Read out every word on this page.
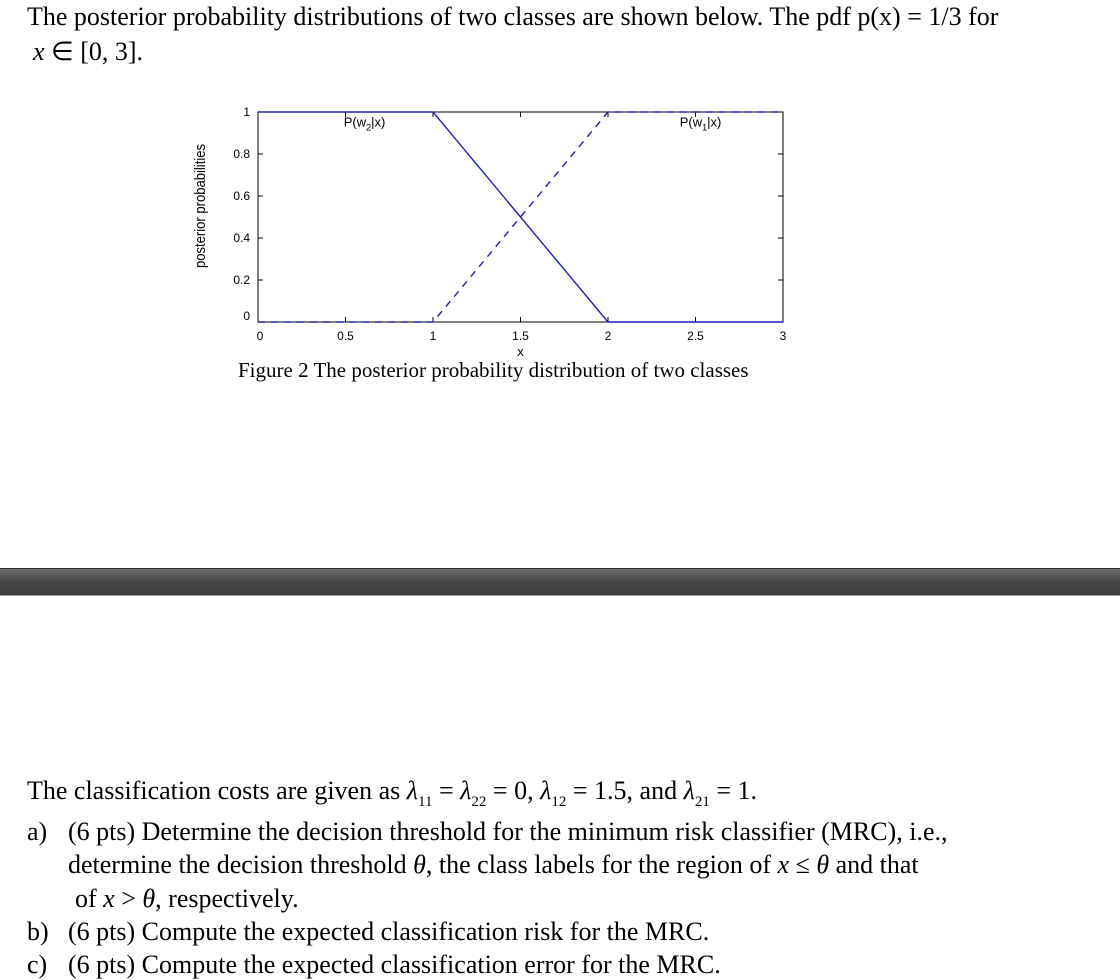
The posterior probability distributions of two classes are shown below. The pdf p(x) = 1/3 for
x ∈ [0, 3].
0	0.5	1	1.5	2	2.5	3
0
0.2
0.4
0.6
0.8
1
x
posterior probabilities
$P(w_2|x)$	$P(w_1|x)$
Figure 2 The posterior probability distribution of two classes
The classification costs are given as $\lambda_{11} = \lambda_{22} = 0$, $\lambda_{12} = 1.5$, and $\lambda_{21} = 1$.
a) (6 pts) Determine the decision threshold for the minimum risk classifier (MRC), i.e.,
determine the decision threshold θ, the class labels for the region of x ≤ θ and that
of x > θ, respectively.
b) (6 pts) Compute the expected classification risk for the MRC.
c) (6 pts) Compute the expected classification error for the MRC.
